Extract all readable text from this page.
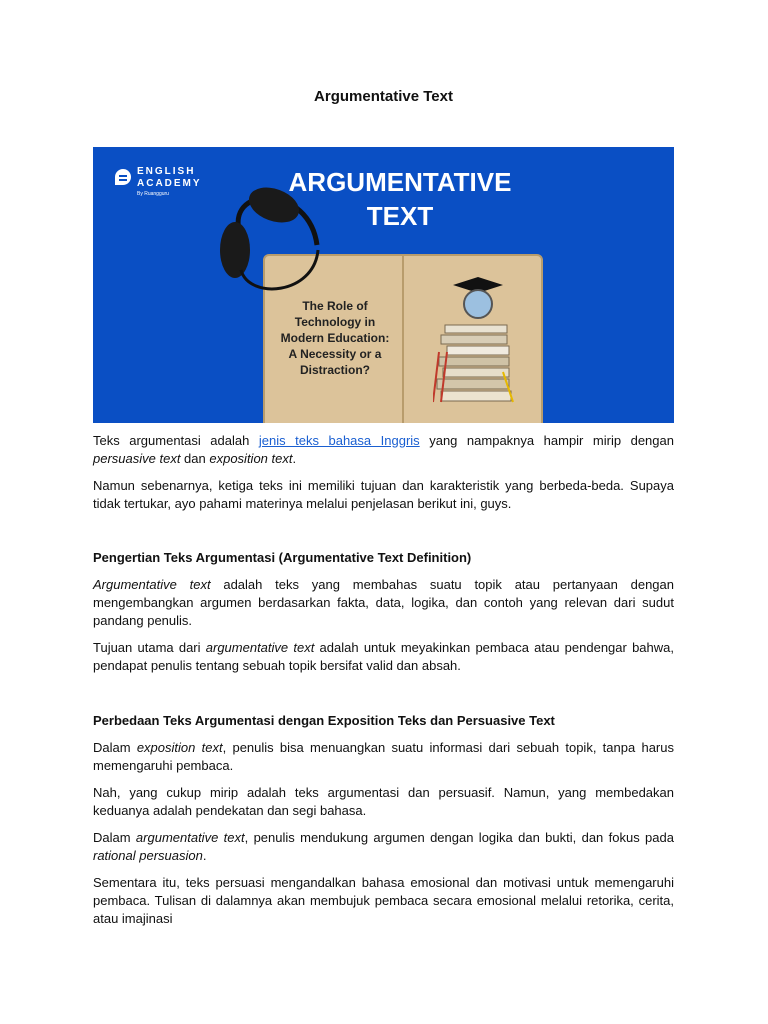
Argumentative Text
ENGLISH
ACADEMY
By Ruangguru	ARGUMENTATIVE
TEXT
The Role of
Technology in
Modern Education:
A Necessity or a
Distraction?
Teks argumentasi adalah jenis teks bahasa Inggris yang nampaknya hampir mirip dengan persuasive text dan exposition text.
Namun sebenarnya, ketiga teks ini memiliki tujuan dan karakteristik yang berbeda-beda. Supaya tidak tertukar, ayo pahami materinya melalui penjelasan berikut ini, guys.
Pengertian Teks Argumentasi (Argumentative Text Definition)
Argumentative text adalah teks yang membahas suatu topik atau pertanyaan dengan mengembangkan argumen berdasarkan fakta, data, logika, dan contoh yang relevan dari sudut pandang penulis.
Tujuan utama dari argumentative text adalah untuk meyakinkan pembaca atau pendengar bahwa, pendapat penulis tentang sebuah topik bersifat valid dan absah.
Perbedaan Teks Argumentasi dengan Exposition Teks dan Persuasive Text
Dalam exposition text, penulis bisa menuangkan suatu informasi dari sebuah topik, tanpa harus memengaruhi pembaca.
Nah, yang cukup mirip adalah teks argumentasi dan persuasif. Namun, yang membedakan keduanya adalah pendekatan dan segi bahasa.
Dalam argumentative text, penulis mendukung argumen dengan logika dan bukti, dan fokus pada rational persuasion.
Sementara itu, teks persuasi mengandalkan bahasa emosional dan motivasi untuk memengaruhi pembaca. Tulisan di dalamnya akan membujuk pembaca secara emosional melalui retorika, cerita, atau imajinasi
